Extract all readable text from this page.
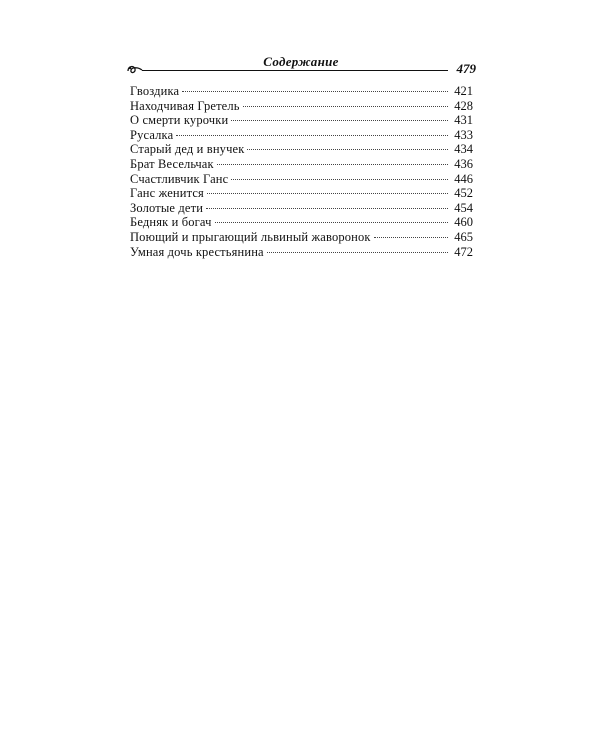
Содержание	479
Гвоздика	421
Находчивая Гретель	428
О смерти курочки	431
Русалка	433
Старый дед и внучек	434
Брат Весельчак	436
Счастливчик Ганс	446
Ганс женится	452
Золотые дети	454
Бедняк и богач	460
Поющий и прыгающий львиный жаворонок	465
Умная дочь крестьянина	472
